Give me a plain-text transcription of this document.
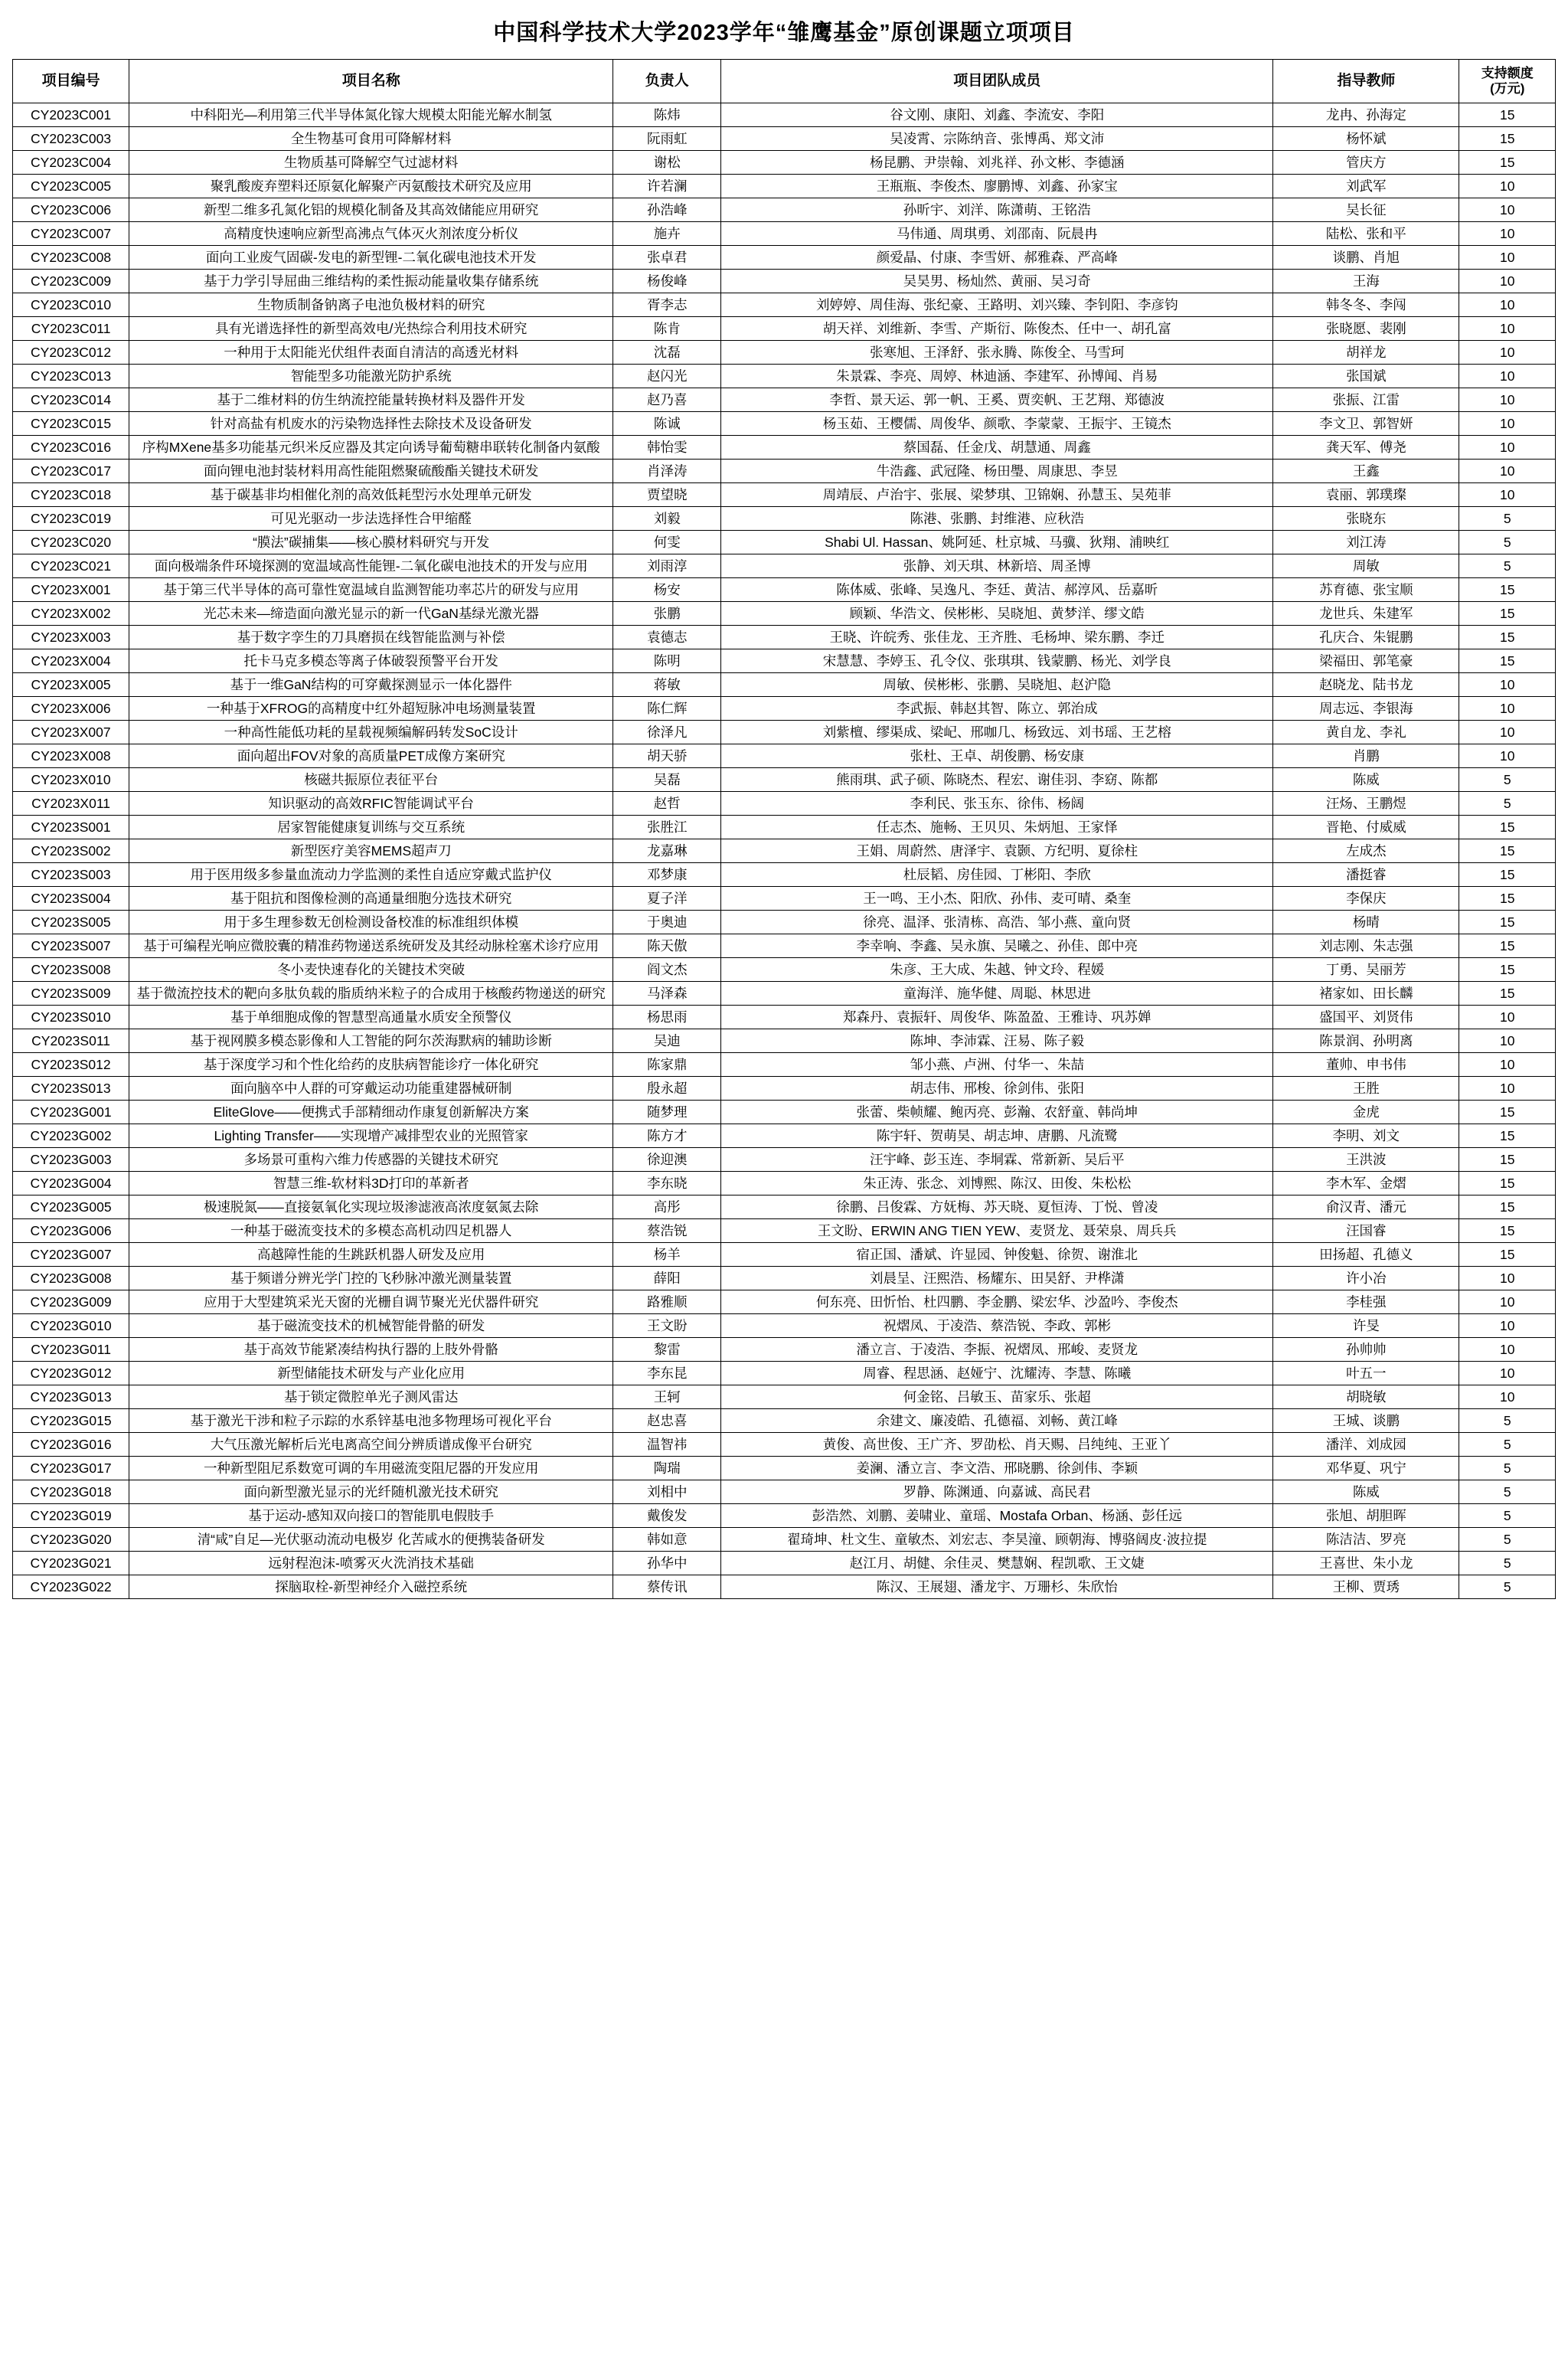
中国科学技术大学2023学年“雏鹰基金”原创课题立项项目
项目编号	项目名称	负责人	项目团队成员	指导教师	支持额度
(万元)

CY2023C001	中科阳光—利用第三代半导体氮化镓大规模太阳能光解水制氢	陈炜	谷文刚、康阳、刘鑫、李流安、李阳	龙冉、孙海定	15
CY2023C003	全生物基可食用可降解材料	阮雨虹	吴凌霄、宗陈纳音、张博禹、郑文沛	杨怀斌	15
CY2023C004	生物质基可降解空气过滤材料	谢松	杨昆鹏、尹崇翰、刘兆祥、孙文彬、李德涵	管庆方	15
CY2023C005	聚乳酸废弃塑料还原氨化解聚产丙氨酸技术研究及应用	许若澜	王瓶瓶、李俊杰、廖鹏博、刘鑫、孙家宝	刘武军	10
CY2023C006	新型二维多孔氮化铝的规模化制备及其高效储能应用研究	孙浩峰	孙昕宇、刘洋、陈潇萌、王铭浩	吴长征	10
CY2023C007	高精度快速响应新型高沸点气体灭火剂浓度分析仪	施卉	马伟通、周琪勇、刘邵南、阮晨冉	陆松、张和平	10
CY2023C008	面向工业废气固碳-发电的新型锂-二氧化碳电池技术开发	张卓君	颜爱晶、付康、李雪妍、郝雅森、严高峰	谈鹏、肖旭	10
CY2023C009	基于力学引导屈曲三维结构的柔性振动能量收集存储系统	杨俊峰	吴昊男、杨灿然、黄丽、吴习奇	王海	10
CY2023C010	生物质制备钠离子电池负极材料的研究	胥李志	刘婷婷、周佳海、张纪豪、王路明、刘兴臻、李钊阳、李彦钧	韩冬冬、李闯	10
CY2023C011	具有光谱选择性的新型高效电/光热综合利用技术研究	陈肯	胡天祥、刘维新、李雪、产斯衍、陈俊杰、任中一、胡孔富	张晓愿、裴刚	10
CY2023C012	一种用于太阳能光伏组件表面自清洁的高透光材料	沈磊	张寒旭、王泽舒、张永腾、陈俊全、马雪珂	胡祥龙	10
CY2023C013	智能型多功能激光防护系统	赵闪光	朱景霖、李亮、周婷、林迪涵、李建军、孙博闻、肖易	张国斌	10
CY2023C014	基于二维材料的仿生纳流控能量转换材料及器件开发	赵乃喜	李哲、景天运、郭一帆、王奚、贾奕帆、王艺翔、郑德波	张振、江雷	10
CY2023C015	针对高盐有机废水的污染物选择性去除技术及设备研发	陈诚	杨玉茹、王樱儒、周俊华、颜歌、李蒙蒙、王振宇、王镜杰	李文卫、郭智妍	10
CY2023C016	序构MXene基多功能基元织米反应器及其定向诱导葡萄糖串联转化制备内氨酸	韩怡雯	蔡国磊、任金戊、胡慧通、周鑫	龚天军、傅尧	10
CY2023C017	面向锂电池封装材料用高性能阻燃聚硫酸酯关键技术研发	肖泽涛	牛浩鑫、武冠隆、杨田璺、周康思、李昱	王鑫	10
CY2023C018	基于碳基非均相催化剂的高效低耗型污水处理单元研发	贾望晓	周靖辰、卢治宇、张展、梁梦琪、卫锦娴、孙慧玉、吴苑菲	袁丽、郭璞璨	10
CY2023C019	可见光驱动一步法选择性合甲缩醛	刘毅	陈港、张鹏、封维港、应秋浩	张晓东	5
CY2023C020	“膜法”碳捕集——核心膜材料研究与开发	何雯	Shabi Ul. Hassan、姚阿延、杜京城、马骥、狄翔、浦映红	刘江涛	5
CY2023C021	面向极端条件环境探测的宽温域高性能锂-二氧化碳电池技术的开发与应用	刘雨淳	张静、刘天琪、林新培、周圣博	周敏	5
CY2023X001	基于第三代半导体的高可靠性宽温域自监测智能功率芯片的研发与应用	杨安	陈体威、张峰、吴逸凡、李廷、黄洁、郝淳风、岳嘉昕	苏育德、张宝顺	15
CY2023X002	光芯未来—缔造面向激光显示的新一代GaN基绿光激光器	张鹏	顾颖、华浩文、侯彬彬、吴晓旭、黄梦洋、缪文皓	龙世兵、朱建军	15
CY2023X003	基于数字孪生的刀具磨损在线智能监测与补偿	袁德志	王晓、许皖秀、张佳龙、王齐胜、毛杨坤、梁东鹏、李迁	孔庆合、朱锟鹏	15
CY2023X004	托卡马克多模态等离子体破裂预警平台开发	陈明	宋慧慧、李婷玉、孔令仪、张琪琪、钱蒙鹏、杨光、刘学良	梁福田、郭笔豪	15
CY2023X005	基于一维GaN结构的可穿戴探测显示一体化器件	蒋敏	周敏、侯彬彬、张鹏、吴晓旭、赵沪隐	赵晓龙、陆书龙	10
CY2023X006	一种基于XFROG的高精度中红外超短脉冲电场测量装置	陈仁辉	李武振、韩赵其智、陈立、郭治成	周志远、李银海	10
CY2023X007	一种高性能低功耗的星载视频编解码转发SoC设计	徐泽凡	刘紫檀、缪渠成、梁屺、邢咖几、杨致远、刘书瑶、王艺榕	黄自龙、李礼	10
CY2023X008	面向超出FOV对象的高质量PET成像方案研究	胡天骄	张杜、王卓、胡俊鹏、杨安康	肖鹏	10
CY2023X010	核磁共振原位表征平台	吴磊	熊雨琪、武子硕、陈晓杰、程宏、谢佳羽、李窈、陈都	陈威	5
CY2023X011	知识驱动的高效RFIC智能调试平台	赵哲	李利民、张玉东、徐伟、杨阔	汪炀、王鹏煜	5
CY2023S001	居家智能健康复训练与交互系统	张胜江	任志杰、施畅、王贝贝、朱炳旭、王家怿	晋艳、付威威	15
CY2023S002	新型医疗美容MEMS超声刀	龙嘉琳	王娟、周蔚然、唐泽宇、袁颢、方纪明、夏徐柱	左成杰	15
CY2023S003	用于医用级多参量血流动力学监测的柔性自适应穿戴式监护仪	邓梦康	杜辰韬、房佳园、丁彬阳、李欣	潘挺睿	15
CY2023S004	基于阻抗和图像检测的高通量细胞分选技术研究	夏子洋	王一鸣、王小杰、阳欣、孙伟、麦可晴、桑奎	李保庆	15
CY2023S005	用于多生理参数无创检测设备校准的标准组织体模	于奥迪	徐亮、温泽、张清栋、高浩、邹小燕、童向贤	杨晴	15
CY2023S007	基于可编程光响应微胶囊的精准药物递送系统研发及其经动脉栓塞术诊疗应用	陈天傲	李幸响、李鑫、吴永旗、吴曦之、孙佳、郎中亮	刘志刚、朱志强	15
CY2023S008	冬小麦快速春化的关键技术突破	阎文杰	朱彦、王大成、朱越、钟文玲、程媛	丁勇、吴丽芳	15
CY2023S009	基于微流控技术的靶向多肽负载的脂质纳米粒子的合成用于核酸药物递送的研究	马泽森	童海洋、施华健、周聪、林思进	褚家如、田长麟	15
CY2023S010	基于单细胞成像的智慧型高通量水质安全预警仪	杨思雨	郑森丹、袁振轩、周俊华、陈盈盈、王雅诗、巩苏婵	盛国平、刘贤伟	10
CY2023S011	基于视网膜多模态影像和人工智能的阿尔茨海默病的辅助诊断	吴迪	陈坤、李沛霖、汪易、陈子毅	陈景润、孙明离	10
CY2023S012	基于深度学习和个性化给药的皮肤病智能诊疗一体化研究	陈家鼎	邹小燕、卢洲、付华一、朱喆	董帅、申书伟	10
CY2023S013	面向脑卒中人群的可穿戴运动功能重建器械研制	殷永超	胡志伟、邢梭、徐剑伟、张阳	王胜	10
CY2023G001	EliteGlove——便携式手部精细动作康复创新解决方案	随梦理	张蕾、柴帧耀、鲍丙亮、彭瀚、农舒童、韩尚坤	金虎	15
CY2023G002	Lighting Transfer——实现增产减排型农业的光照管家	陈方才	陈宇轩、贺萌昊、胡志坤、唐鹏、凡流鹭	李明、刘文	15
CY2023G003	多场景可重构六维力传感器的关键技术研究	徐迎澳	汪宇峰、彭玉连、李垌霖、常新新、吴后平	王洪波	15
CY2023G004	智慧三维-软材料3D打印的革新者	李东晓	朱正涛、张念、刘博熙、陈汉、田俊、朱松松	李木军、金熠	15
CY2023G005	极速脱氮——直接氨氧化实现垃圾渗滤液高浓度氨氮去除	高彤	徐鹏、吕俊霖、方妩梅、苏天晓、夏恒涛、丁悦、曾凌	俞汉青、潘元	15
CY2023G006	一种基于磁流变技术的多模态高机动四足机器人	蔡浩锐	王文盼、ERWIN ANG TIEN YEW、麦贤龙、聂荣泉、周兵兵	汪国睿	15
CY2023G007	高越障性能的生跳跃机器人研发及应用	杨羊	宿正国、潘斌、许显园、钟俊魁、徐贺、谢淮北	田扬超、孔德义	15
CY2023G008	基于频谱分辨光学门控的飞秒脉冲激光测量装置	薛阳	刘晨呈、汪熙浩、杨耀东、田昊舒、尹桦潇	许小冶	10
CY2023G009	应用于大型建筑采光天窗的光栅自调节聚光光伏器件研究	路雅顺	何东亮、田忻怡、杜四鹏、李金鹏、梁宏华、沙盈吟、李俊杰	李桂强	10
CY2023G010	基于磁流变技术的机械智能骨骼的研发	王文盼	祝熠凤、于凌浩、蔡浩锐、李政、郭彬	许旻	10
CY2023G011	基于高效节能紧凑结构执行器的上肢外骨骼	黎雷	潘立言、于凌浩、李振、祝熠凤、邢峻、麦贤龙	孙帅帅	10
CY2023G012	新型储能技术研发与产业化应用	李东昆	周睿、程思涵、赵娅宁、沈耀涛、李慧、陈曦	叶五一	10
CY2023G013	基于锁定微腔单光子测风雷达	王轲	何金铭、吕敏玉、苗家乐、张超	胡晓敏	10
CY2023G015	基于激光干涉和粒子示踪的水系锌基电池多物理场可视化平台	赵忠喜	余建文、廉凌皓、孔德福、刘畅、黄江峰	王城、谈鹏	5
CY2023G016	大气压激光解析后光电离高空间分辨质谱成像平台研究	温智祎	黄俊、高世俊、王广齐、罗劭松、肖天赐、吕纯纯、王亚丫	潘洋、刘成园	5
CY2023G017	一种新型阻尼系数宽可调的车用磁流变阻尼器的开发应用	陶瑞	姜澜、潘立言、李文浩、邢晓鹏、徐剑伟、李颖	邓华夏、巩宁	5
CY2023G018	面向新型激光显示的光纤随机激光技术研究	刘相中	罗静、陈渊通、向嘉诚、高民君	陈威	5
CY2023G019	基于运动-感知双向接口的智能肌电假肢手	戴俊发	彭浩然、刘鹏、姜啸业、童瑶、Mostafa Orban、杨涵、彭任远	张旭、胡胆晖	5
CY2023G020	清“咸”自足—光伏驱动流动电极岁 化苦咸水的便携装备研发	韩如意	翟琦坤、杜文生、童敏杰、刘宏志、李昊潼、顾朝海、博骆阔皮·波拉提	陈洁洁、罗亮	5
CY2023G021	远射程泡沫-喷雾灭火洗消技术基础	孙华中	赵江月、胡健、余佳灵、樊慧娴、程凯歌、王文婕	王喜世、朱小龙	5
CY2023G022	探脑取栓-新型神经介入磁控系统	蔡传讯	陈汉、王展翅、潘龙宇、万珊杉、朱欣怡	王柳、贾琇	5
